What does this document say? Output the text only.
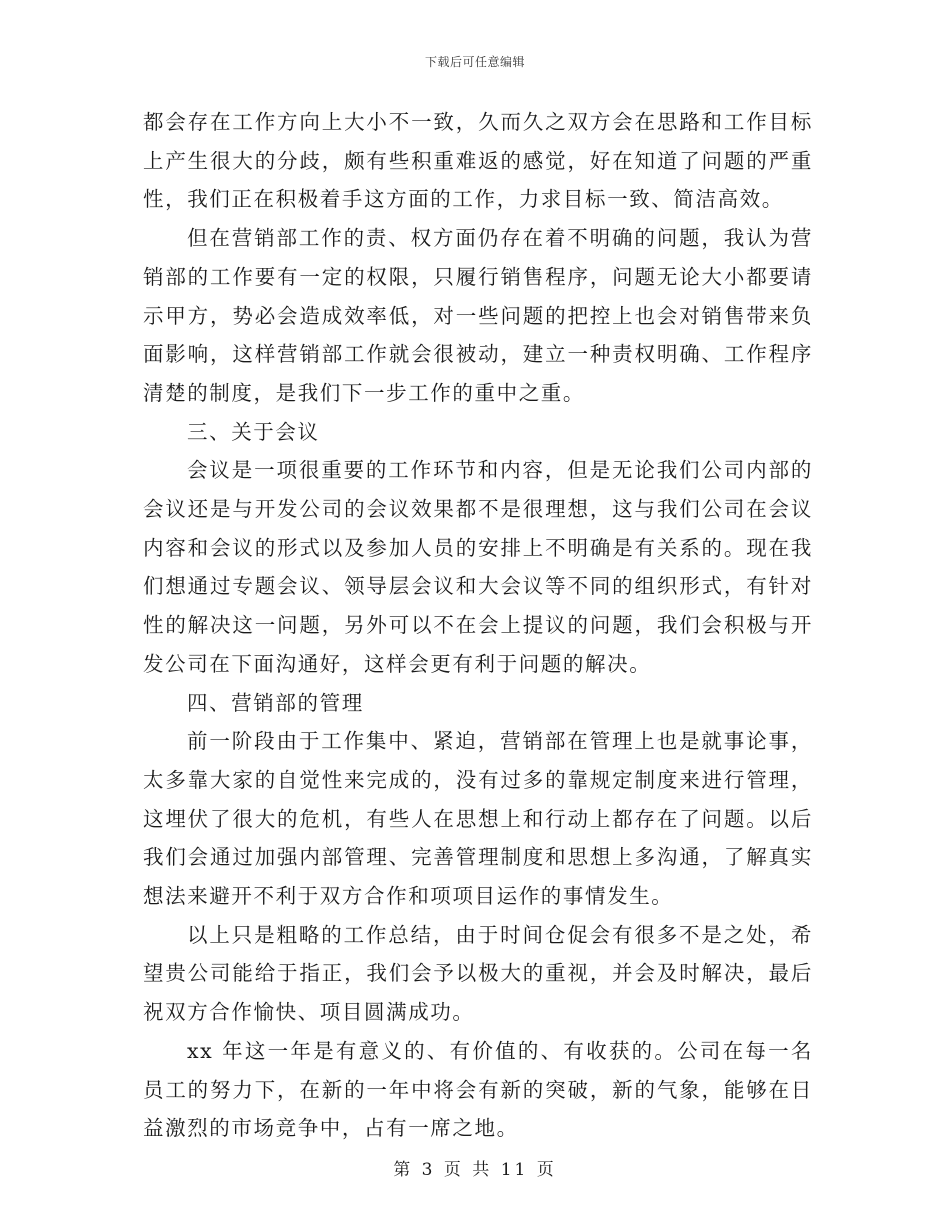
下载后可任意编辑

都会存在工作方向上大小不一致，久而久之双方会在思路和工作目标上产生很大的分歧，颇有些积重难返的感觉，好在知道了问题的严重性，我们正在积极着手这方面的工作，力求目标一致、简洁高效。

但在营销部工作的责、权方面仍存在着不明确的问题，我认为营销部的工作要有一定的权限，只履行销售程序，问题无论大小都要请示甲方，势必会造成效率低，对一些问题的把控上也会对销售带来负面影响，这样营销部工作就会很被动，建立一种责权明确、工作程序清楚的制度，是我们下一步工作的重中之重。

三、关于会议

会议是一项很重要的工作环节和内容，但是无论我们公司内部的会议还是与开发公司的会议效果都不是很理想，这与我们公司在会议内容和会议的形式以及参加人员的安排上不明确是有关系的。现在我们想通过专题会议、领导层会议和大会议等不同的组织形式，有针对性的解决这一问题，另外可以不在会上提议的问题，我们会积极与开发公司在下面沟通好，这样会更有利于问题的解决。

四、营销部的管理

前一阶段由于工作集中、紧迫，营销部在管理上也是就事论事，太多靠大家的自觉性来完成的，没有过多的靠规定制度来进行管理，这埋伏了很大的危机，有些人在思想上和行动上都存在了问题。以后我们会通过加强内部管理、完善管理制度和思想上多沟通，了解真实想法来避开不利于双方合作和项项目运作的事情发生。

以上只是粗略的工作总结，由于时间仓促会有很多不是之处，希望贵公司能给于指正，我们会予以极大的重视，并会及时解决，最后祝双方合作愉快、项目圆满成功。

xx 年这一年是有意义的、有价值的、有收获的。公司在每一名员工的努力下，在新的一年中将会有新的突破，新的气象，能够在日益激烈的市场竞争中，占有一席之地。

第 3 页 共 11 页
